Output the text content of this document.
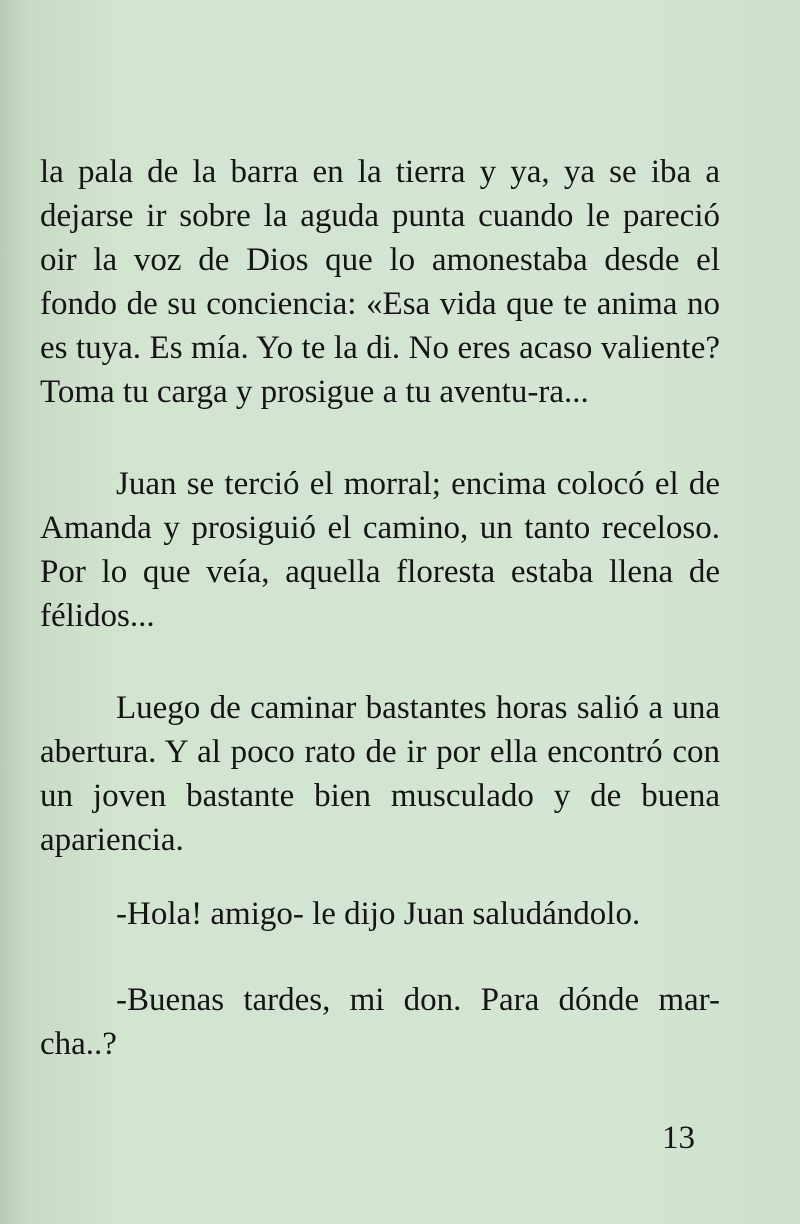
la pala de la barra en la tierra y ya, ya se iba a dejarse ir sobre la aguda punta cuando le pareció oir la voz de Dios que lo amonestaba desde el fondo de su conciencia: «Esa vida que te anima no es tuya. Es mía. Yo te la di. No eres acaso valiente? Toma tu carga y prosigue a tu aventu-ra...

Juan se terció el morral; encima colocó el de Amanda y prosiguió el camino, un tanto receloso. Por lo que veía, aquella floresta estaba llena de félidos...

Luego de caminar bastantes horas salió a una abertura. Y al poco rato de ir por ella encontró con un joven bastante bien musculado y de buena apariencia.

-Hola! amigo- le dijo Juan saludándolo.

-Buenas tardes, mi don. Para dónde mar-cha..?

13
